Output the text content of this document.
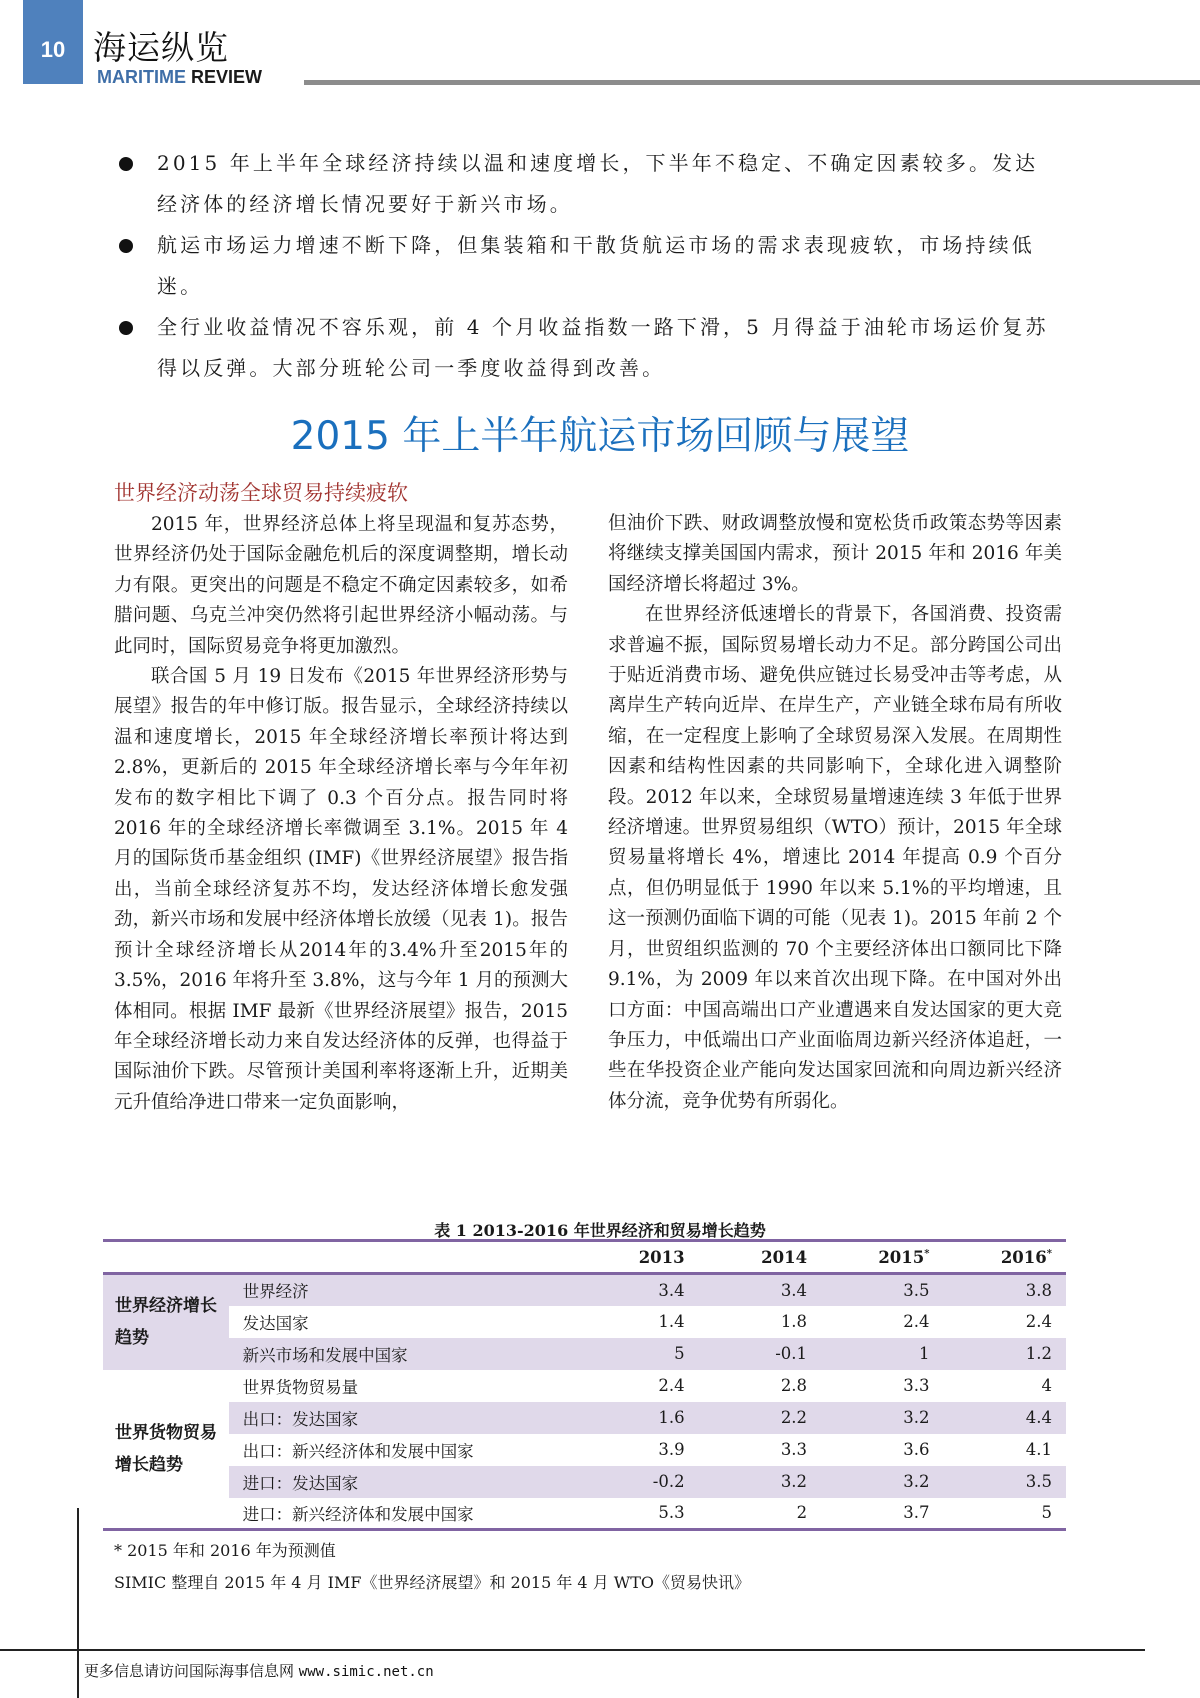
10 海运纵览
MARITIME REVIEW
2015 年上半年全球经济持续以温和速度增长，下半年不稳定、不确定因素较多。发达经济体的经济增长情况要好于新兴市场。
航运市场运力增速不断下降，但集装箱和干散货航运市场的需求表现疲软，市场持续低迷。
全行业收益情况不容乐观，前 4 个月收益指数一路下滑，5 月得益于油轮市场运价复苏得以反弹。大部分班轮公司一季度收益得到改善。
2015 年上半年航运市场回顾与展望
世界经济动荡全球贸易持续疲软

2015 年，世界经济总体上将呈现温和复苏态势，世界经济仍处于国际金融危机后的深度调整期，增长动力有限。更突出的问题是不稳定不确定因素较多，如希腊问题、乌克兰冲突仍然将引起世界经济小幅动荡。与此同时，国际贸易竞争将更加激烈。

联合国 5 月 19 日发布《2015 年世界经济形势与展望》报告的年中修订版。报告显示，全球经济持续以温和速度增长，2015 年全球经济增长率预计将达到 2.8%，更新后的 2015 年全球经济增长率与今年年初发布的数字相比下调了 0.3 个百分点。报告同时将 2016 年的全球经济增长率微调至 3.1%。2015 年 4 月的国际货币基金组织 (IMF)《世界经济展望》报告指出，当前全球经济复苏不均，发达经济体增长愈发强劲，新兴市场和发展中经济体增长放缓（见表 1)。报告预计全球经济增长从2014年的3.4%升至2015年的3.5%，2016 年将升至 3.8%，这与今年 1 月的预测大体相同。根据 IMF 最新《世界经济展望》报告，2015 年全球经济增长动力来自发达经济体的反弹，也得益于国际油价下跌。尽管预计美国利率将逐渐上升，近期美元升值给净进口带来一定负面影响，

但油价下跌、财政调整放慢和宽松货币政策态势等因素将继续支撑美国国内需求，预计 2015 年和 2016 年美国经济增长将超过 3%。

在世界经济低速增长的背景下，各国消费、投资需求普遍不振，国际贸易增长动力不足。部分跨国公司出于贴近消费市场、避免供应链过长易受冲击等考虑，从离岸生产转向近岸、在岸生产，产业链全球布局有所收缩，在一定程度上影响了全球贸易深入发展。在周期性因素和结构性因素的共同影响下，全球化进入调整阶段。2012 年以来，全球贸易量增速连续 3 年低于世界经济增速。世界贸易组织（WTO）预计，2015 年全球贸易量将增长 4%，增速比 2014 年提高 0.9 个百分点，但仍明显低于 1990 年以来 5.1%的平均增速，且这一预测仍面临下调的可能（见表 1)。2015 年前 2 个月，世贸组织监测的 70 个主要经济体出口额同比下降 9.1%，为 2009 年以来首次出现下降。在中国对外出口方面：中国高端出口产业遭遇来自发达国家的更大竞争压力，中低端出口产业面临周边新兴经济体追赶，一些在华投资企业产能向发达国家回流和向周边新兴经济体分流，竞争优势有所弱化。

表 1 2013-2016 年世界经济和贸易增长趋势
		2013	2014	2015*	2016*
世界经济增长趋势	世界经济	3.4	3.4	3.5	3.8
	发达国家	1.4	1.8	2.4	2.4
	新兴市场和发展中国家	5	-0.1	1	1.2
世界货物贸易增长趋势	世界货物贸易量	2.4	2.8	3.3	4
	出口：发达国家	1.6	2.2	3.2	4.4
	出口：新兴经济体和发展中国家	3.9	3.3	3.6	4.1
	进口：发达国家	-0.2	3.2	3.2	3.5
	进口：新兴经济体和发展中国家	5.3	2	3.7	5
* 2015 年和 2016 年为预测值
SIMIC 整理自 2015 年 4 月 IMF《世界经济展望》和 2015 年 4 月 WTO《贸易快讯》
更多信息请访问国际海事信息网 www.simic.net.cn
